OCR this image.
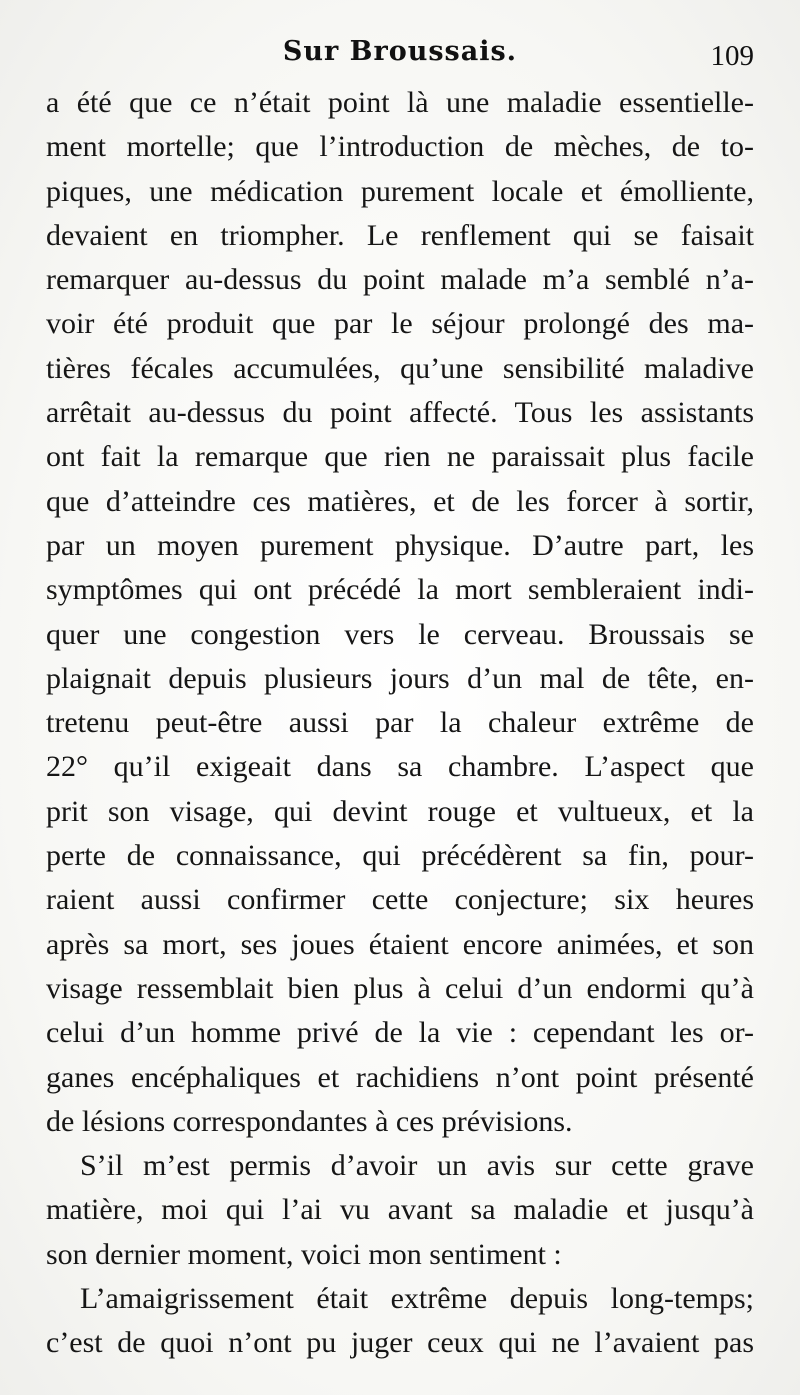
Sur Broussais.	109
a été que ce n’était point là une maladie essentielle-
ment mortelle; que l’introduction de mèches, de to-
piques, une médication purement locale et émolliente,
devaient en triompher. Le renflement qui se faisait
remarquer au-dessus du point malade m’a semblé n’a-
voir été produit que par le séjour prolongé des ma-
tières fécales accumulées, qu’une sensibilité maladive
arrêtait au-dessus du point affecté. Tous les assistants
ont fait la remarque que rien ne paraissait plus facile
que d’atteindre ces matières, et de les forcer à sortir,
par un moyen purement physique. D’autre part, les
symptômes qui ont précédé la mort sembleraient indi-
quer une congestion vers le cerveau. Broussais se
plaignait depuis plusieurs jours d’un mal de tête, en-
tretenu peut-être aussi par la chaleur extrême de
22° qu’il exigeait dans sa chambre. L’aspect que
prit son visage, qui devint rouge et vultueux, et la
perte de connaissance, qui précédèrent sa fin, pour-
raient aussi confirmer cette conjecture; six heures
après sa mort, ses joues étaient encore animées, et son
visage ressemblait bien plus à celui d’un endormi qu’à
celui d’un homme privé de la vie : cependant les or-
ganes encéphaliques et rachidiens n’ont point présenté
de lésions correspondantes à ces prévisions.
S’il m’est permis d’avoir un avis sur cette grave
matière, moi qui l’ai vu avant sa maladie et jusqu’à
son dernier moment, voici mon sentiment :
L’amaigrissement était extrême depuis long-temps;
c’est de quoi n’ont pu juger ceux qui ne l’avaient pas
